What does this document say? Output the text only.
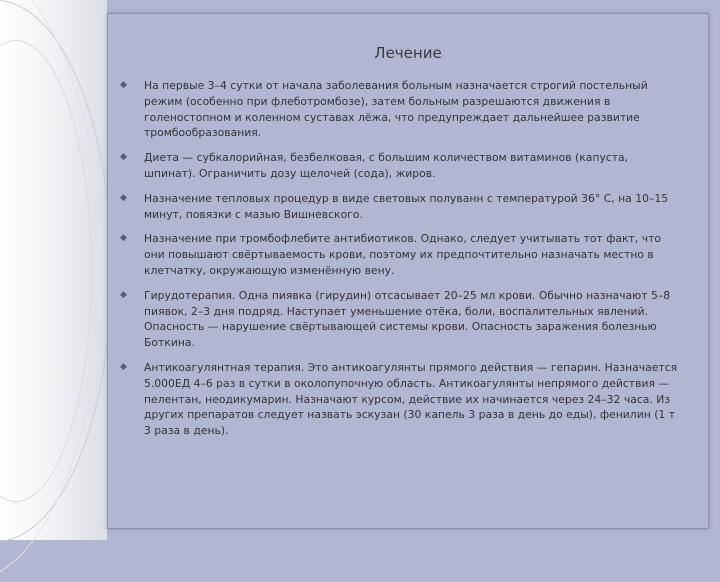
Лечение
◆ На первые 3–4 сутки от начала заболевания больным назначается строгий постельный режим (особенно при флеботромбозе), затем больным разрешаются движения в голеностопном и коленном суставах лёжа, что предупреждает дальнейшее развитие тромбообразования.
◆ Диета — субкалорийная, безбелковая, с большим количеством витаминов (капуста, шпинат). Ограничить дозу щелочей (сода), жиров.
◆ Назначение тепловых процедур в виде световых полуванн с температурой 36° С, на 10–15 минут, повязки с мазью Вишневского.
◆ Назначение при тромбофлебите антибиотиков. Однако, следует учитывать тот факт, что они повышают свёртываемость крови, поэтому их предпочтительно назначать местно в клетчатку, окружающую изменённую вену.
◆ Гирудотерапия. Одна пиявка (гирудин) отсасывает 20–25 мл крови. Обычно назначают 5–8 пиявок, 2–3 дня подряд. Наступает уменьшение отёка, боли, воспалительных явлений. Опасность — нарушение свёртывающей системы крови. Опасность заражения болезнью Боткина.
◆ Антикоагулянтная терапия. Это антикоагулянты прямого действия — гепарин. Назначается 5.000ЕД 4–6 раз в сутки в околопупочную область. Антикоагулянты непрямого действия — пелентан, неодикумарин. Назначают курсом, действие их начинается через 24–32 часа. Из других препаратов следует назвать эскузан (30 капель 3 раза в день до еды), фенилин (1 т 3 раза в день).
